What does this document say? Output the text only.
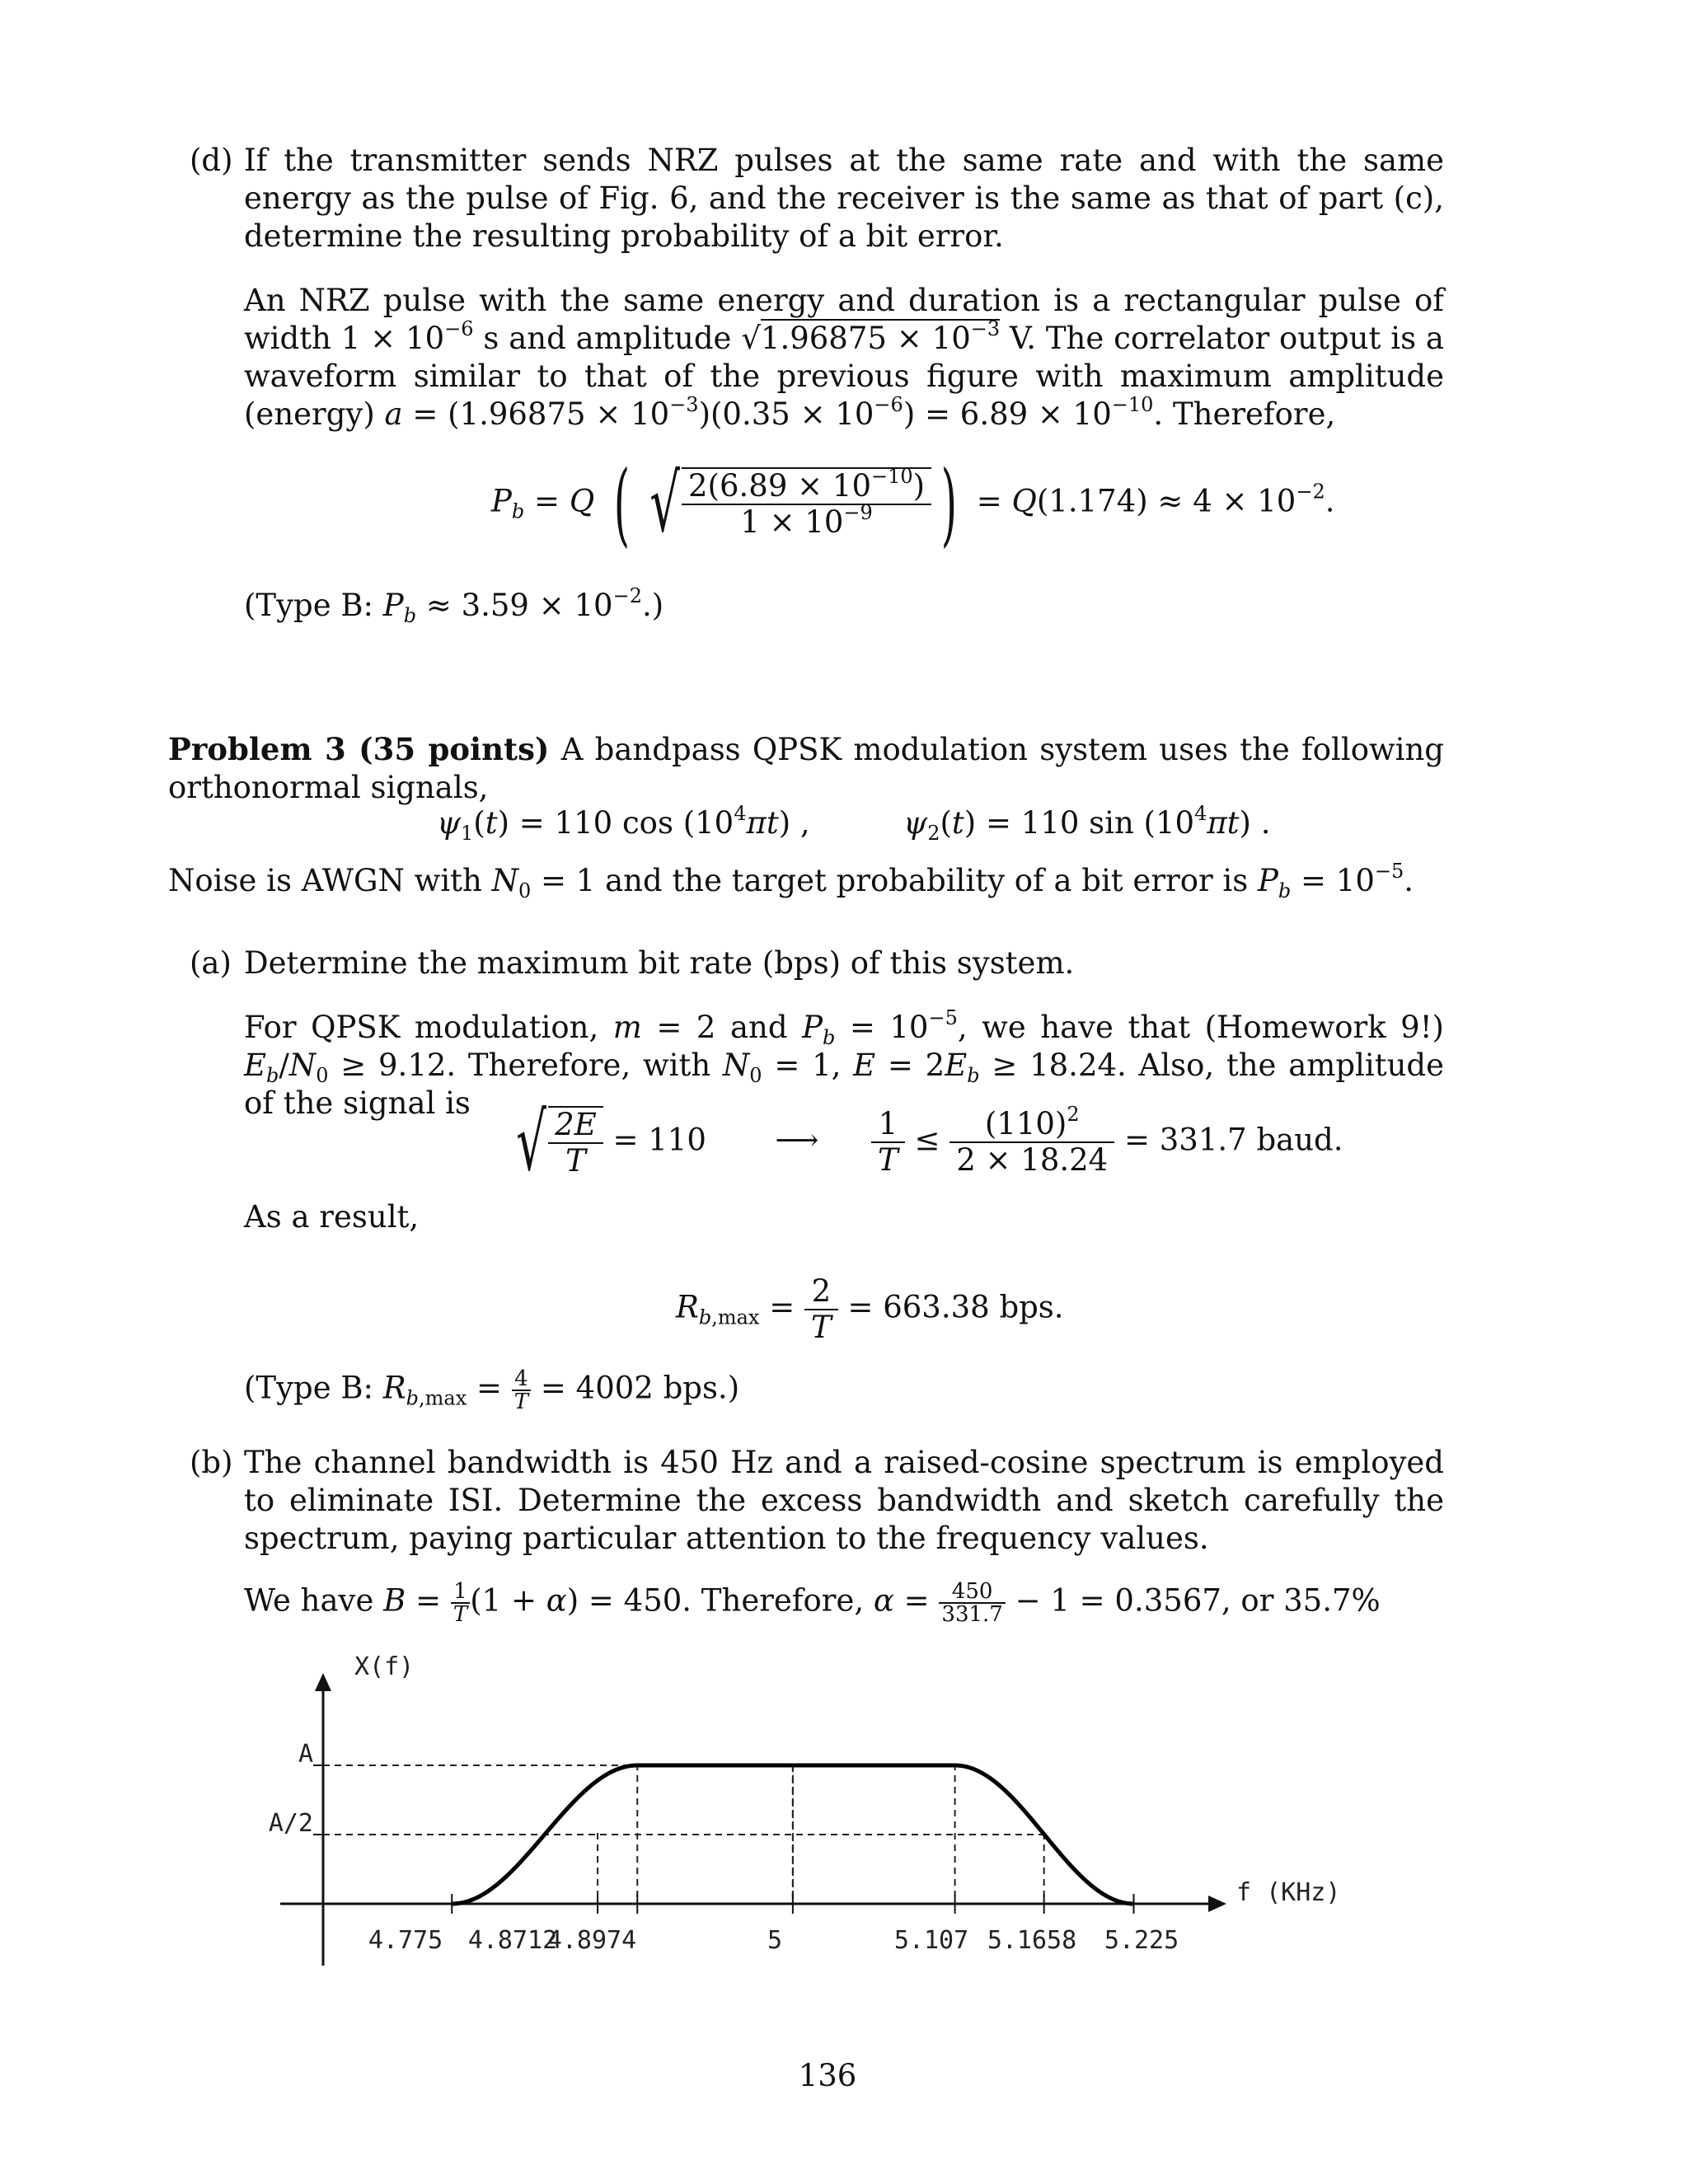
(d) If the transmitter sends NRZ pulses at the same rate and with the same energy as the pulse of Fig. 6, and the receiver is the same as that of part (c), determine the resulting probability of a bit error.
An NRZ pulse with the same energy and duration is a rectangular pulse of width $1 \times 10^{-6}$ s and amplitude $√1.96875 \times 10^{-3}$ V. The correlator output is a waveform similar to that of the previous figure with maximum amplitude (energy) $a = (1.96875 \times 10^{-3})(0.35 \times 10^{-6}) = 6.89 \times 10^{-10}$. Therefore,
$P_b = Q$ ( √ $\frac{2(6.89 \times 10^{-10})}{1 \times 10^{-9}}$ ) = $Q(1.174) \approx 4 \times 10^{-2}$.
(Type B: $P_b \approx 3.59 \times 10^{-2}$.)
Problem 3 (35 points) A bandpass QPSK modulation system uses the following orthonormal signals,
$\psi_1(t) = 110$ $\cos (10^4\pi t)$ ,	$\psi_2(t) = 110$ $\sin (10^4\pi t)$ .
Noise is AWGN with $N_0 = 1$ and the target probability of a bit error is $P_b = 10^{-5}$.
(a) Determine the maximum bit rate (bps) of this system.
For QPSK modulation, m = 2 and $P_b = 10^{-5}$, we have that (Homework 9!) $E_b/N_0 \ge 9.12$. Therefore, with $N_0 = 1$, $E = 2E_b \ge 18.24$. Also, the amplitude of the signal is √ $\frac{2E}{T} = 110$ ⟶ $\frac{1}{T} \le \frac{(110)^2}{2 \times 18.24} = 331.7$ baud.
As a result,
$R_{b,max} = \frac{2}{T} = 663.38$ bps.
(Type B: $R_{b,max} = \frac{4}{T} = 4002$ bps.)
(b) The channel bandwidth is 450 Hz and a raised-cosine spectrum is employed to eliminate ISI. Determine the excess bandwidth and sketch carefully the spectrum, paying particular attention to the frequency values.
We have $B = \frac{1}{T} (1 + \alpha) = 450$. Therefore, $\alpha = \frac{450}{331.7} - 1 = 0.3567$, or 35.7%
X(f)
f (KHz)
A
A/2
4.775 4.8712
4.8974	5	5.107 5.1658 5.225
136
